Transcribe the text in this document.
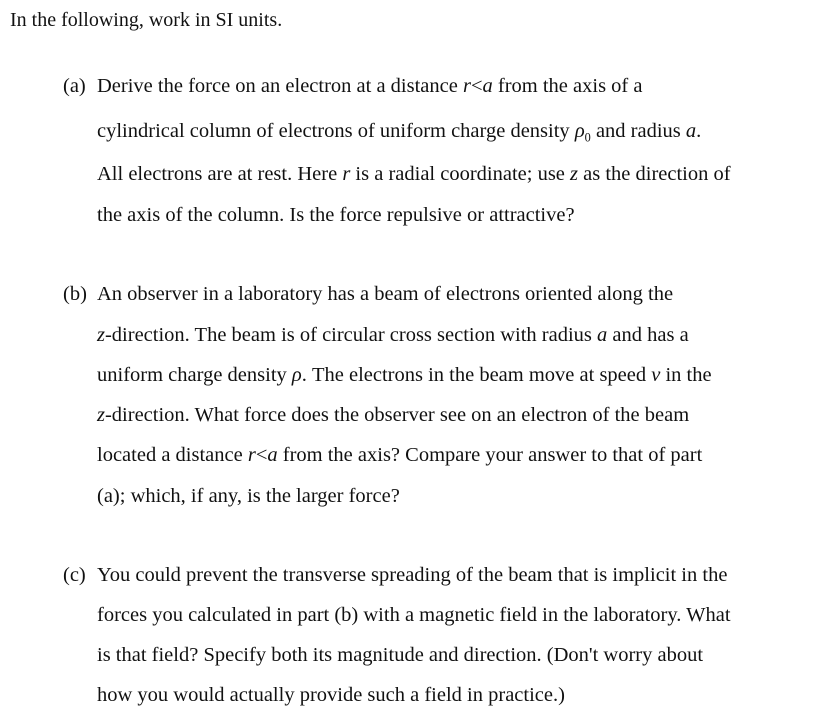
In the following, work in SI units.
(a) Derive the force on an electron at a distance r<a from the axis of a
cylindrical column of electrons of uniform charge density $\rho_0$ and radius a.
All electrons are at rest. Here r is a radial coordinate; use z as the direction of
the axis of the column. Is the force repulsive or attractive?
(b) An observer in a laboratory has a beam of electrons oriented along the
z-direction. The beam is of circular cross section with radius a and has a
uniform charge density ρ. The electrons in the beam move at speed v in the
z-direction. What force does the observer see on an electron of the beam
located a distance r<a from the axis? Compare your answer to that of part
(a); which, if any, is the larger force?
(c) You could prevent the transverse spreading of the beam that is implicit in the
forces you calculated in part (b) with a magnetic field in the laboratory. What
is that field? Specify both its magnitude and direction. (Don't worry about
how you would actually provide such a field in practice.)
